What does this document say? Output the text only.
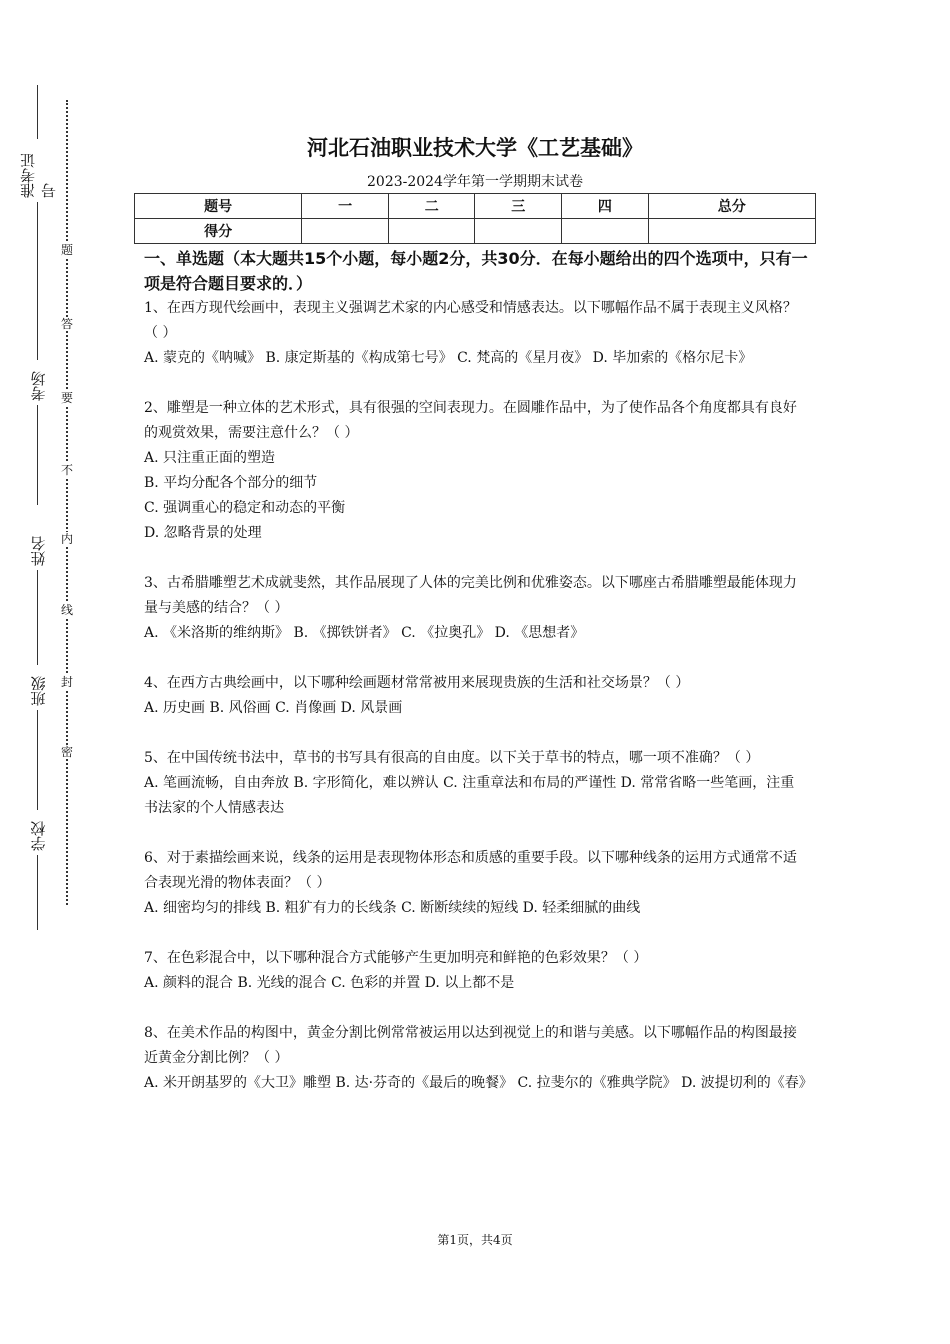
准考证号
考场
姓名
班级
学校
题
答
要
不
内
线
封
密
河北石油职业技术大学《工艺基础》
2023-2024学年第一学期期末试卷
题号	一	二	三	四	总分
得分					
一、单选题（本大题共15个小题，每小题2分，共30分．在每小题给出的四个选项中，只有一项是符合题目要求的．）

1、在西方现代绘画中，表现主义强调艺术家的内心感受和情感表达。以下哪幅作品不属于表现主义风格？（ ）

A. 蒙克的《呐喊》 B. 康定斯基的《构成第七号》 C. 梵高的《星月夜》 D. 毕加索的《格尔尼卡》

2、雕塑是一种立体的艺术形式，具有很强的空间表现力。在圆雕作品中，为了使作品各个角度都具有良好的观赏效果，需要注意什么？（ ）

A. 只注重正面的塑造

B. 平均分配各个部分的细节

C. 强调重心的稳定和动态的平衡

D. 忽略背景的处理

3、古希腊雕塑艺术成就斐然，其作品展现了人体的完美比例和优雅姿态。以下哪座古希腊雕塑最能体现力量与美感的结合？（ ）

A. 《米洛斯的维纳斯》 B. 《掷铁饼者》 C. 《拉奥孔》 D. 《思想者》

4、在西方古典绘画中，以下哪种绘画题材常常被用来展现贵族的生活和社交场景？（ ）

A. 历史画 B. 风俗画 C. 肖像画 D. 风景画

5、在中国传统书法中，草书的书写具有很高的自由度。以下关于草书的特点，哪一项不准确？（ ）

A. 笔画流畅，自由奔放 B. 字形简化，难以辨认 C. 注重章法和布局的严谨性 D. 常常省略一些笔画，注重书法家的个人情感表达

6、对于素描绘画来说，线条的运用是表现物体形态和质感的重要手段。以下哪种线条的运用方式通常不适合表现光滑的物体表面？（ ）

A. 细密均匀的排线 B. 粗犷有力的长线条 C. 断断续续的短线 D. 轻柔细腻的曲线

7、在色彩混合中，以下哪种混合方式能够产生更加明亮和鲜艳的色彩效果？（ ）

A. 颜料的混合 B. 光线的混合 C. 色彩的并置 D. 以上都不是

8、在美术作品的构图中，黄金分割比例常常被运用以达到视觉上的和谐与美感。以下哪幅作品的构图最接近黄金分割比例？（ ）

A. 米开朗基罗的《大卫》雕塑 B. 达·芬奇的《最后的晚餐》 C. 拉斐尔的《雅典学院》 D. 波提切利的《春》

第1页，共4页
